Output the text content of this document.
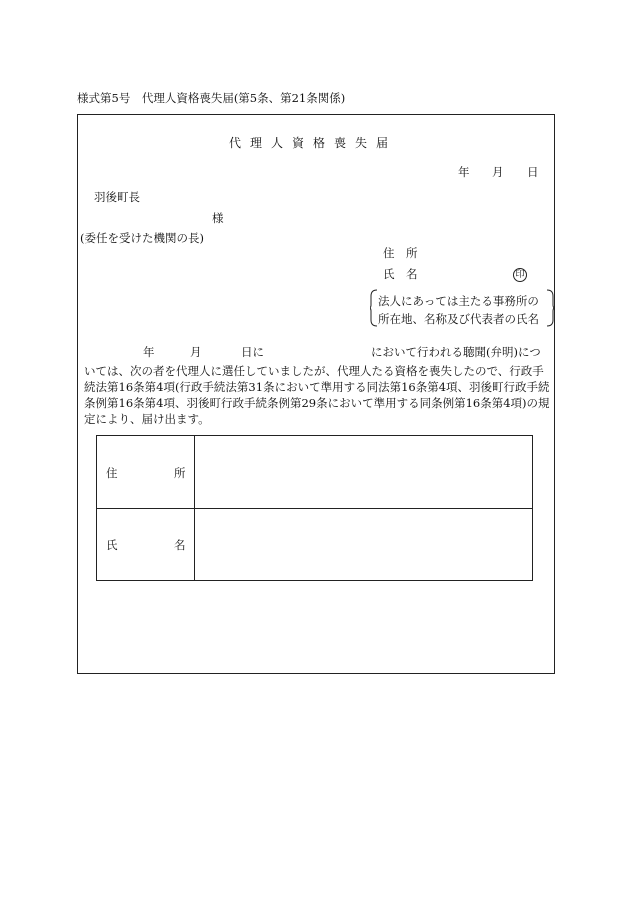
様式第5号　代理人資格喪失届(第5条、第21条関係)
代理人資格喪失届
年 月 日
羽後町長
様
(委任を受けた機関の長)
住　所
氏　名	印
法人にあっては主たる事務所の
所在地、名称及び代表者の氏名
年	月	日に	において行われる聴聞(弁明)につ
いては、次の者を代理人に選任していましたが、代理人たる資格を喪失したので、行政手
続法第16条第4項(行政手続法第31条において準用する同法第16条第4項、羽後町行政手続
条例第16条第4項、羽後町行政手続条例第29条において準用する同条例第16条第4項)の規
定により、届け出ます。
住	所
氏	名
